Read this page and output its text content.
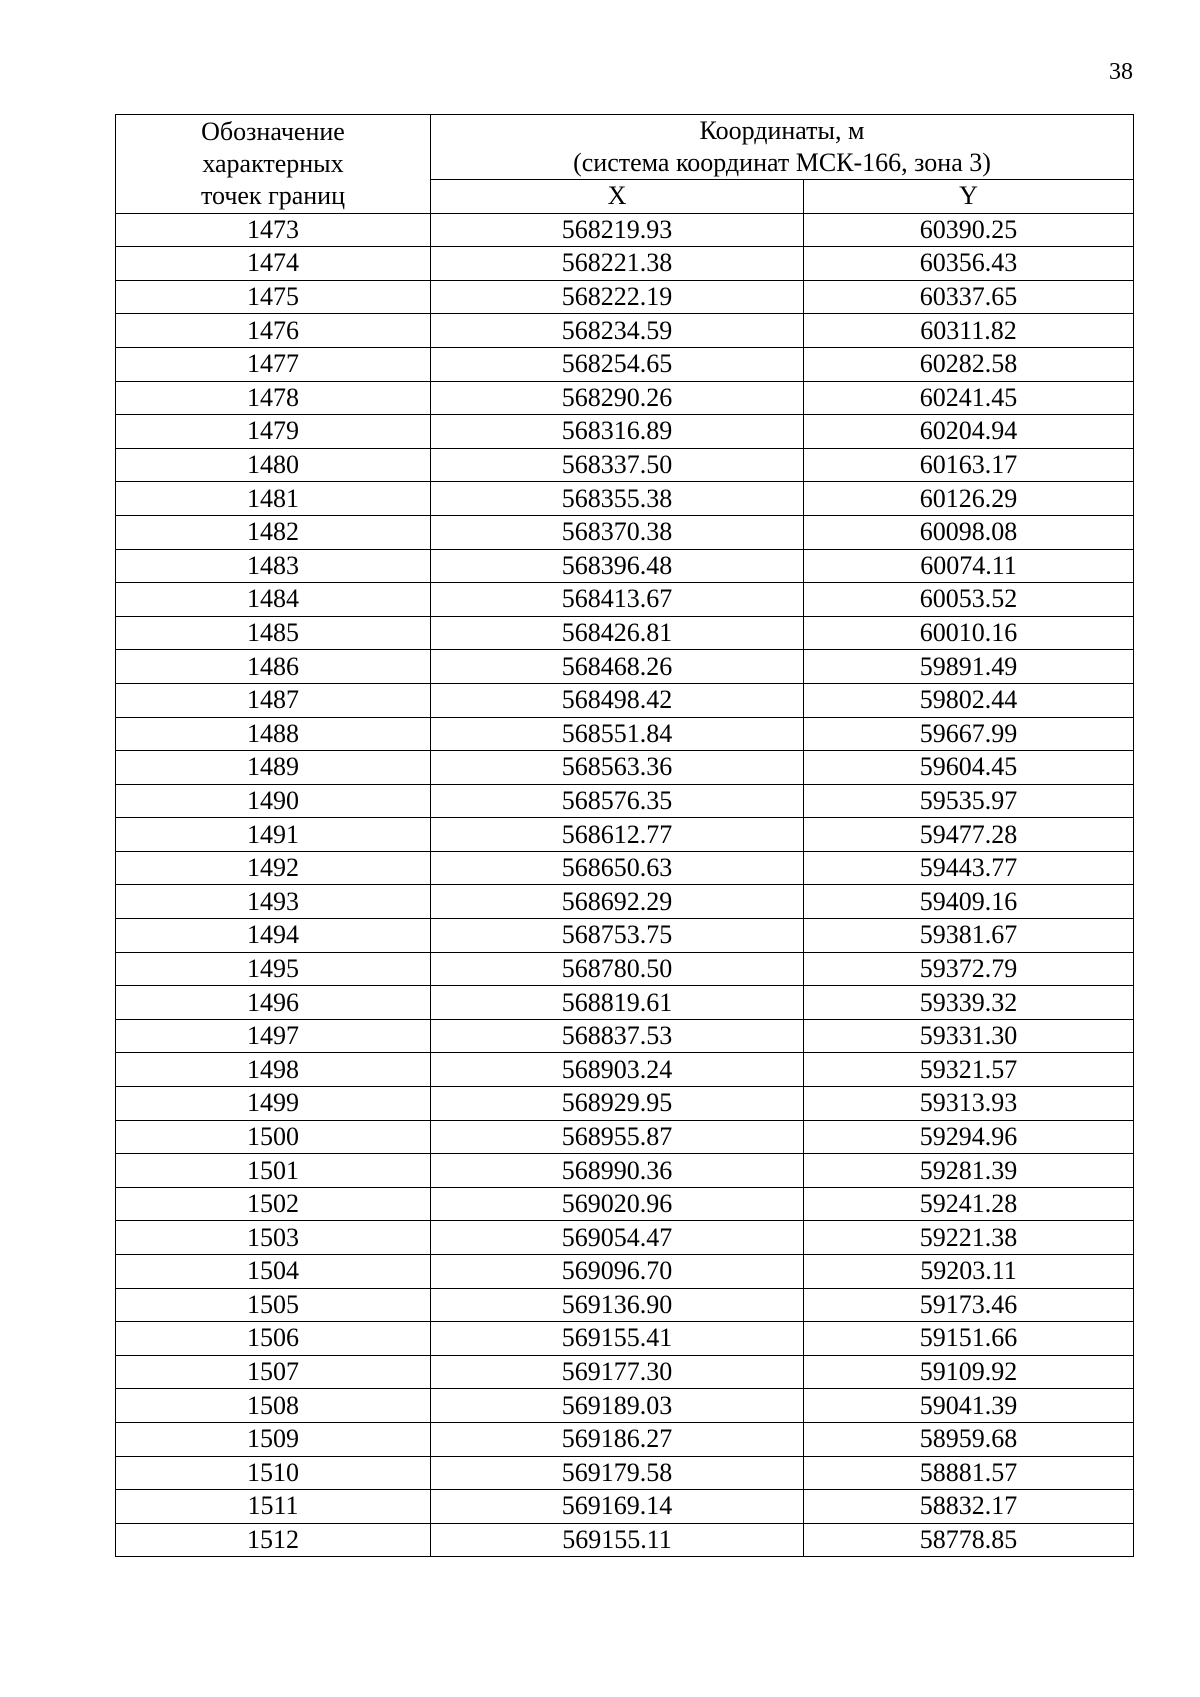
38
Обозначение
характерных
точек границ	Координаты, м
(система координат МСК-166, зона 3)	

	X	Y
1473	568219.93	60390.25
1474	568221.38	60356.43
1475	568222.19	60337.65
1476	568234.59	60311.82
1477	568254.65	60282.58
1478	568290.26	60241.45
1479	568316.89	60204.94
1480	568337.50	60163.17
1481	568355.38	60126.29
1482	568370.38	60098.08
1483	568396.48	60074.11
1484	568413.67	60053.52
1485	568426.81	60010.16
1486	568468.26	59891.49
1487	568498.42	59802.44
1488	568551.84	59667.99
1489	568563.36	59604.45
1490	568576.35	59535.97
1491	568612.77	59477.28
1492	568650.63	59443.77
1493	568692.29	59409.16
1494	568753.75	59381.67
1495	568780.50	59372.79
1496	568819.61	59339.32
1497	568837.53	59331.30
1498	568903.24	59321.57
1499	568929.95	59313.93
1500	568955.87	59294.96
1501	568990.36	59281.39
1502	569020.96	59241.28
1503	569054.47	59221.38
1504	569096.70	59203.11
1505	569136.90	59173.46
1506	569155.41	59151.66
1507	569177.30	59109.92
1508	569189.03	59041.39
1509	569186.27	58959.68
1510	569179.58	58881.57
1511	569169.14	58832.17
1512	569155.11	58778.85
